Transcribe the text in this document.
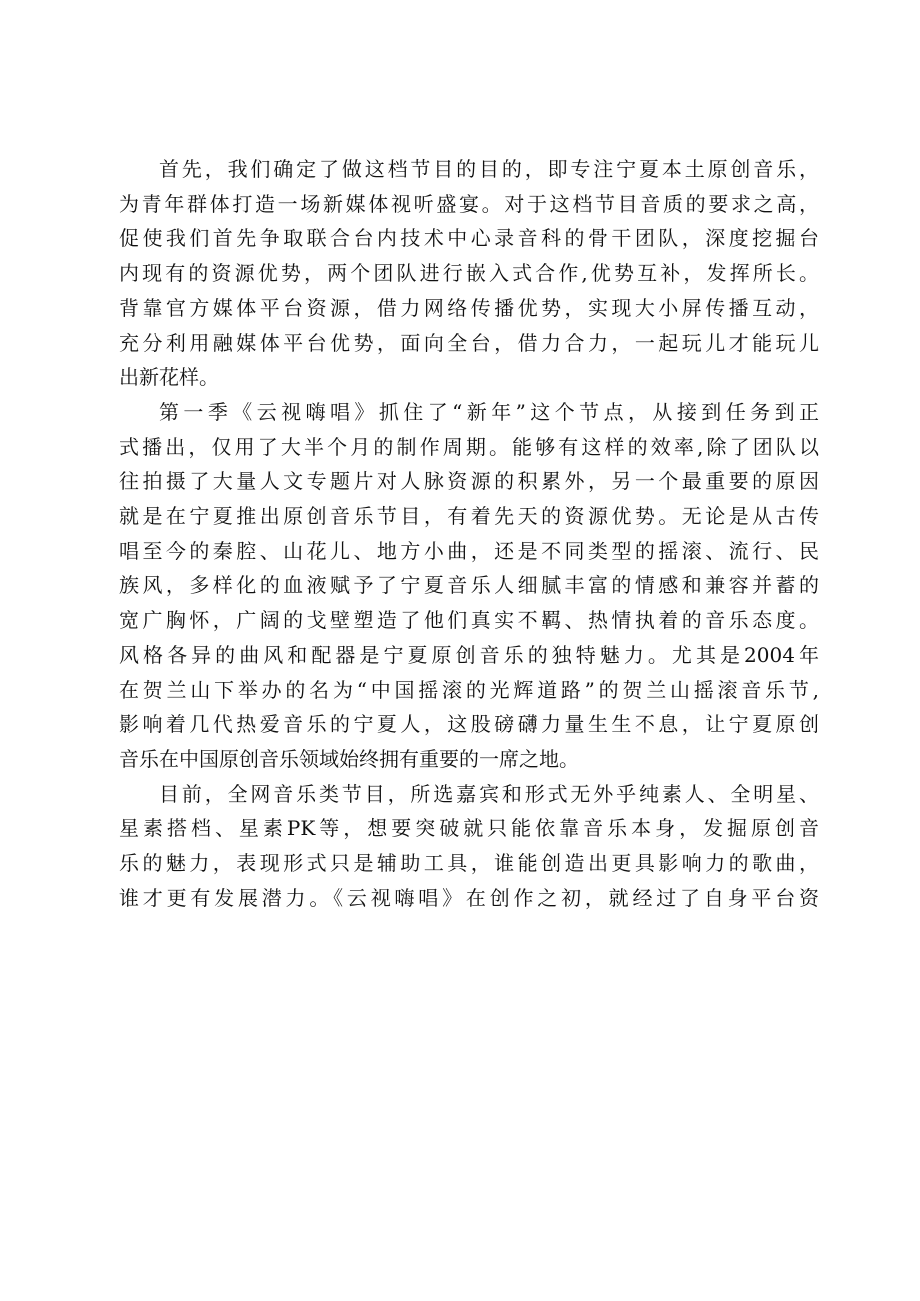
首先，我们确定了做这档节目的目的，即专注宁夏本土原创音乐，
为青年群体打造一场新媒体视听盛宴。对于这档节目音质的要求之高，
促使我们首先争取联合台内技术中心录音科的骨干团队，深度挖掘台
内现有的资源优势，两个团队进行嵌入式合作,优势互补，发挥所长。
背靠官方媒体平台资源，借力网络传播优势，实现大小屏传播互动，
充分利用融媒体平台优势，面向全台，借力合力，一起玩儿才能玩儿
出新花样。

第一季《云视嗨唱》抓住了“新年”这个节点，从接到任务到正
式播出，仅用了大半个月的制作周期。能够有这样的效率,除了团队以
往拍摄了大量人文专题片对人脉资源的积累外，另一个最重要的原因
就是在宁夏推出原创音乐节目，有着先天的资源优势。无论是从古传
唱至今的秦腔、山花儿、地方小曲，还是不同类型的摇滚、流行、民
族风，多样化的血液赋予了宁夏音乐人细腻丰富的情感和兼容并蓄的
宽广胸怀，广阔的戈壁塑造了他们真实不羁、热情执着的音乐态度。
风格各异的曲风和配器是宁夏原创音乐的独特魅力。尤其是2004年
在贺兰山下举办的名为“中国摇滚的光辉道路”的贺兰山摇滚音乐节,
影响着几代热爱音乐的宁夏人，这股磅礴力量生生不息，让宁夏原创
音乐在中国原创音乐领域始终拥有重要的一席之地。

目前，全网音乐类节目，所选嘉宾和形式无外乎纯素人、全明星、
星素搭档、星素PK等，想要突破就只能依靠音乐本身，发掘原创音
乐的魅力，表现形式只是辅助工具，谁能创造出更具影响力的歌曲，
谁才更有发展潜力。《云视嗨唱》在创作之初，就经过了自身平台资
